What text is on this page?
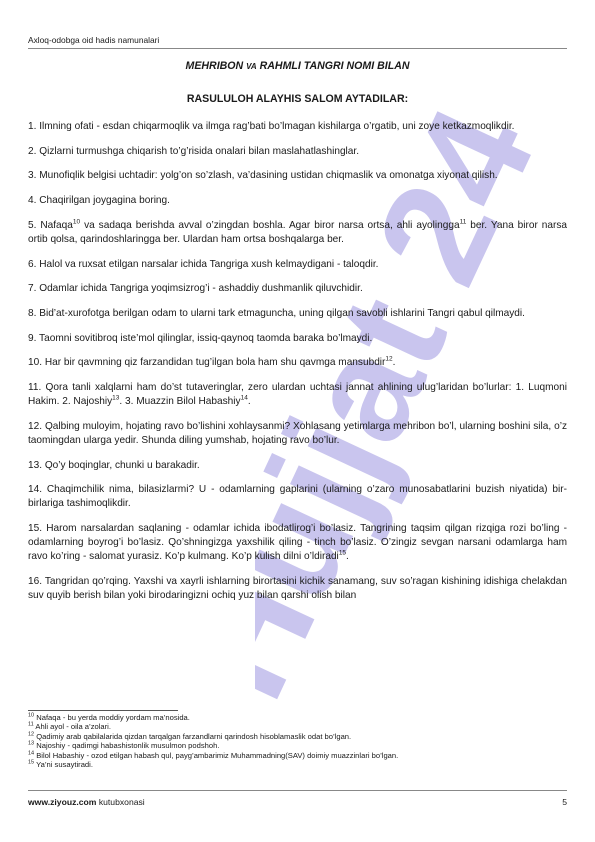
Axloq-odobga oid hadis namunalari
Hujjat 24
MEHRIBON VA RAHMLI TANGRI NOMI BILAN
RASULULOH ALAYHIS SALOM AYTADILAR:
1. Ilmning ofati - esdan chiqarmoqlik va ilmga rag’bati bo’lmagan kishilarga o’rgatib, uni zoye ketkazmoqlikdir.
2. Qizlarni turmushga chiqarish to’g’risida onalari bilan maslahatlashinglar.
3. Munofiqlik belgisi uchtadir: yolg’on so’zlash, va’dasining ustidan chiqmaslik va omonatga xiyonat qilish.
4. Chaqirilgan joygagina boring.
5. Nafaqa$^{10}$ va sadaqa berishda avval o’zingdan boshla. Agar biror narsa ortsa, ahli ayolingga$^{11}$ ber. Yana biror narsa ortib qolsa, qarindoshlaringga ber. Ulardan ham ortsa boshqalarga ber.
6. Halol va ruxsat etilgan narsalar ichida Tangriga xush kelmaydigani - taloqdir.
7. Odamlar ichida Tangriga yoqimsizrog’i - ashaddiy dushmanlik qiluvchidir.
8. Bid’at-xurofotga berilgan odam to ularni tark etmaguncha, uning qilgan savobli ishlarini Tangri qabul qilmaydi.
9. Taomni sovitibroq iste’mol qilinglar, issiq-qaynoq taomda baraka bo’lmaydi.
10. Har bir qavmning qiz farzandidan tug’ilgan bola ham shu qavmga mansubdir$^{12}$.
11. Qora tanli xalqlarni ham do’st tutaveringlar, zero ulardan uchtasi jannat ahlining ulug’laridan bo’lurlar: 1. Luqmoni Hakim. 2. Najoshiy$^{13}$. 3. Muazzin Bilol Habashiy$^{14}$.
12. Qalbing muloyim, hojating ravo bo’lishini xohlaysanmi? Xohlasang yetimlarga mehribon bo’l, ularning boshini sila, o’z taomingdan ularga yedir. Shunda diling yumshab, hojating ravo bo’lur.
13. Qo’y boqinglar, chunki u barakadir.
14. Chaqimchilik nima, bilasizlarmi? U - odamlarning gaplarini (ularning o’zaro munosabatlarini buzish niyatida) bir-birlariga tashimoqlikdir.
15. Harom narsalardan saqlaning - odamlar ichida ibodatlirog’i bo’lasiz. Tangrining taqsim qilgan rizqiga rozi bo’ling - odamlarning boyrog’i bo’lasiz. Qo’shningizga yaxshilik qiling - tinch bo’lasiz. O’zingiz sevgan narsani odamlarga ham ravo ko’ring - salomat yurasiz. Ko’p kulmang. Ko’p kulish dilni o’ldiradi$^{15}$.
16. Tangridan qo’rqing. Yaxshi va xayrli ishlarning birortasini kichik sanamang, suv so’ragan kishining idishiga chelakdan suv quyib berish bilan yoki birodaringizni ochiq yuz bilan qarshi olish bilan
$^{10}$ Nafaqa - bu yerda moddiy yordam ma’nosida.
$^{11}$ Ahli ayol - oila a’zolari.
$^{12}$ Qadimiy arab qabilalarida qizdan tarqalgan farzandlarni qarindosh hisoblamaslik odat bo’lgan.
$^{13}$ Najoshiy - qadimgi habashistonlik musulmon podshoh.
$^{14}$ Bilol Habashiy - ozod etilgan habash qul, payg’ambarimiz Muhammadning(SAV) doimiy muazzinlari bo’lgan.
$^{15}$ Ya’ni susaytiradi.
www.ziyouz.com kutubxonasi	5
